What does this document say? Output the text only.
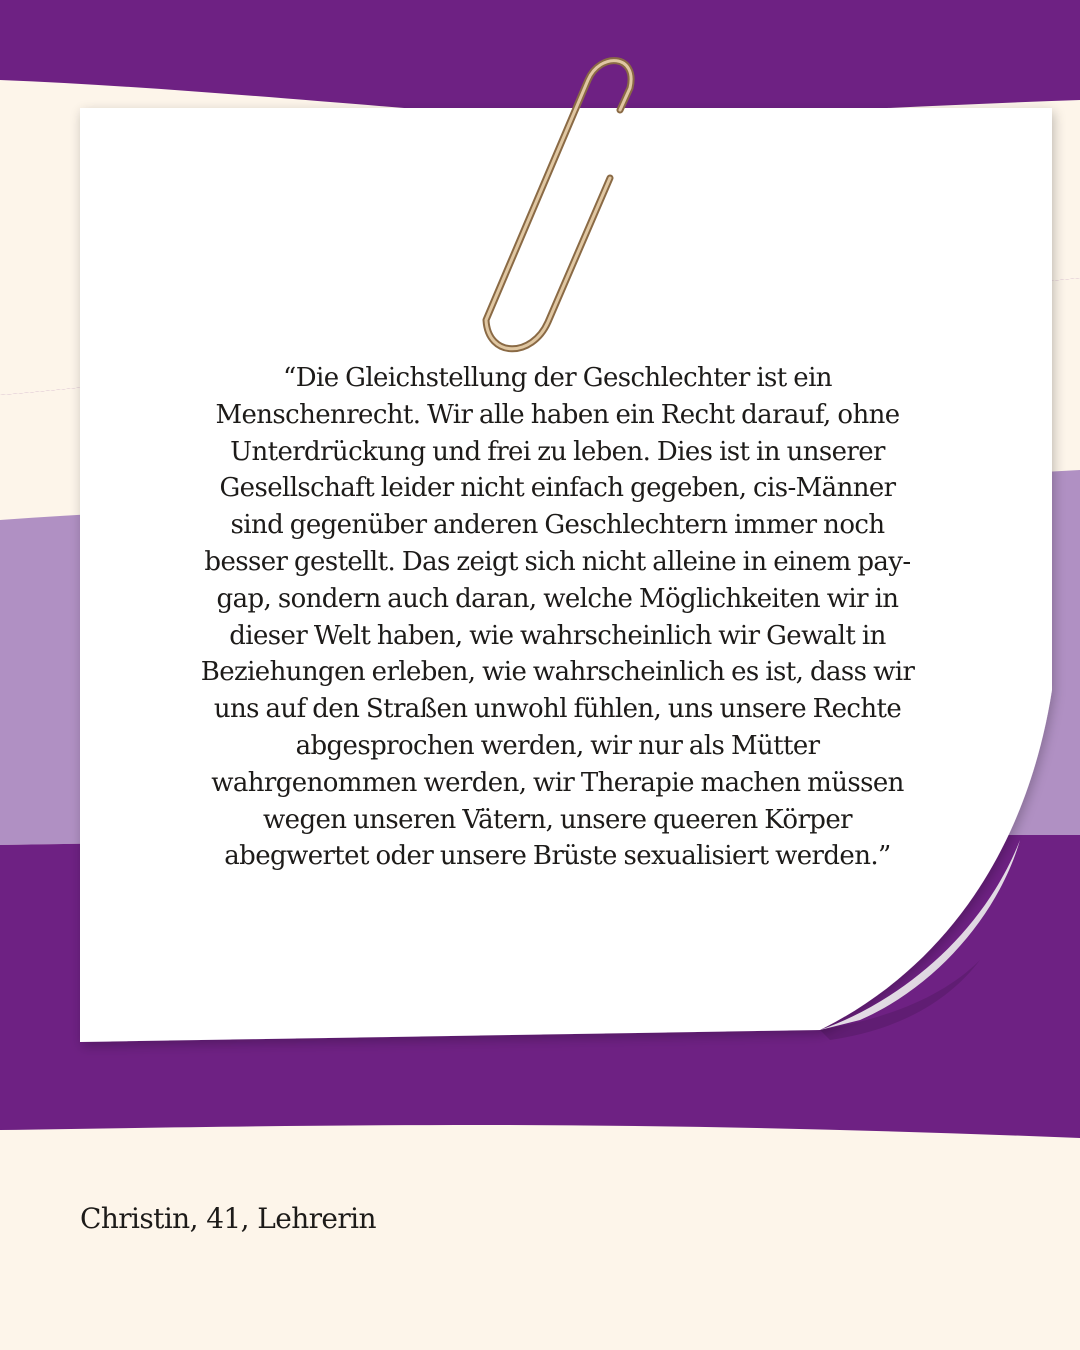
“Die Gleichstellung der Geschlechter ist ein
Menschenrecht. Wir alle haben ein Recht darauf, ohne
Unterdrückung und frei zu leben. Dies ist in unserer
Gesellschaft leider nicht einfach gegeben, cis-Männer
sind gegenüber anderen Geschlechtern immer noch
besser gestellt. Das zeigt sich nicht alleine in einem pay-
gap, sondern auch daran, welche Möglichkeiten wir in
dieser Welt haben, wie wahrscheinlich wir Gewalt in
Beziehungen erleben, wie wahrscheinlich es ist, dass wir
uns auf den Straßen unwohl fühlen, uns unsere Rechte
abgesprochen werden, wir nur als Mütter
wahrgenommen werden, wir Therapie machen müssen
wegen unseren Vätern, unsere queeren Körper
abegwertet oder unsere Brüste sexualisiert werden.”

Christin, 41, Lehrerin
